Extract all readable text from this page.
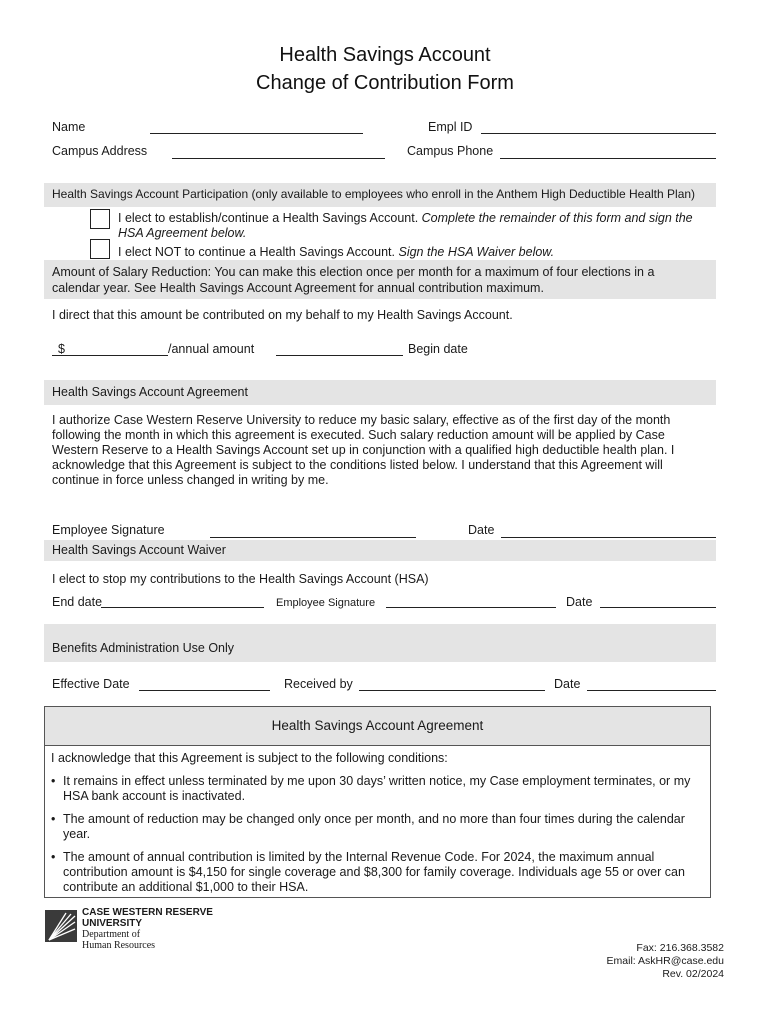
Health Savings Account
Change of Contribution Form
Name	Empl ID
Campus Address	Campus Phone
Health Savings Account Participation (only available to employees who enroll in the Anthem High Deductible Health Plan)
I elect to establish/continue a Health Savings Account. Complete the remainder of this form and sign the
HSA Agreement below.
I elect NOT to continue a Health Savings Account. Sign the HSA Waiver below.
Amount of Salary Reduction: You can make this election once per month for a maximum of four elections in a
calendar year. See Health Savings Account Agreement for annual contribution maximum.
I direct that this amount be contributed on my behalf to my Health Savings Account.
$	/annual amount	Begin date
Health Savings Account Agreement
I authorize Case Western Reserve University to reduce my basic salary, effective as of the first day of the month
following the month in which this agreement is executed. Such salary reduction amount will be applied by Case
Western Reserve to a Health Savings Account set up in conjunction with a qualified high deductible health plan. I
acknowledge that this Agreement is subject to the conditions listed below. I understand that this Agreement will
continue in force unless changed in writing by me.
Employee Signature	Date
Health Savings Account Waiver
I elect to stop my contributions to the Health Savings Account (HSA)
End date	Employee Signature	Date
Benefits Administration Use Only
Effective Date	Received by	Date
Health Savings Account Agreement
I acknowledge that this Agreement is subject to the following conditions:
• It remains in effect unless terminated by me upon 30 days’ written notice, my Case employment terminates, or my
HSA bank account is inactivated.
• The amount of reduction may be changed only once per month, and no more than four times during the calendar
year.
• The amount of annual contribution is limited by the Internal Revenue Code. For 2024, the maximum annual
contribution amount is $4,150 for single coverage and $8,300 for family coverage. Individuals age 55 or over can
contribute an additional $1,000 to their HSA.
CASE WESTERN RESERVE
UNIVERSITY
Department of
Human Resources	Fax: 216.368.3582
Email: AskHR@case.edu
Rev. 02/2024
